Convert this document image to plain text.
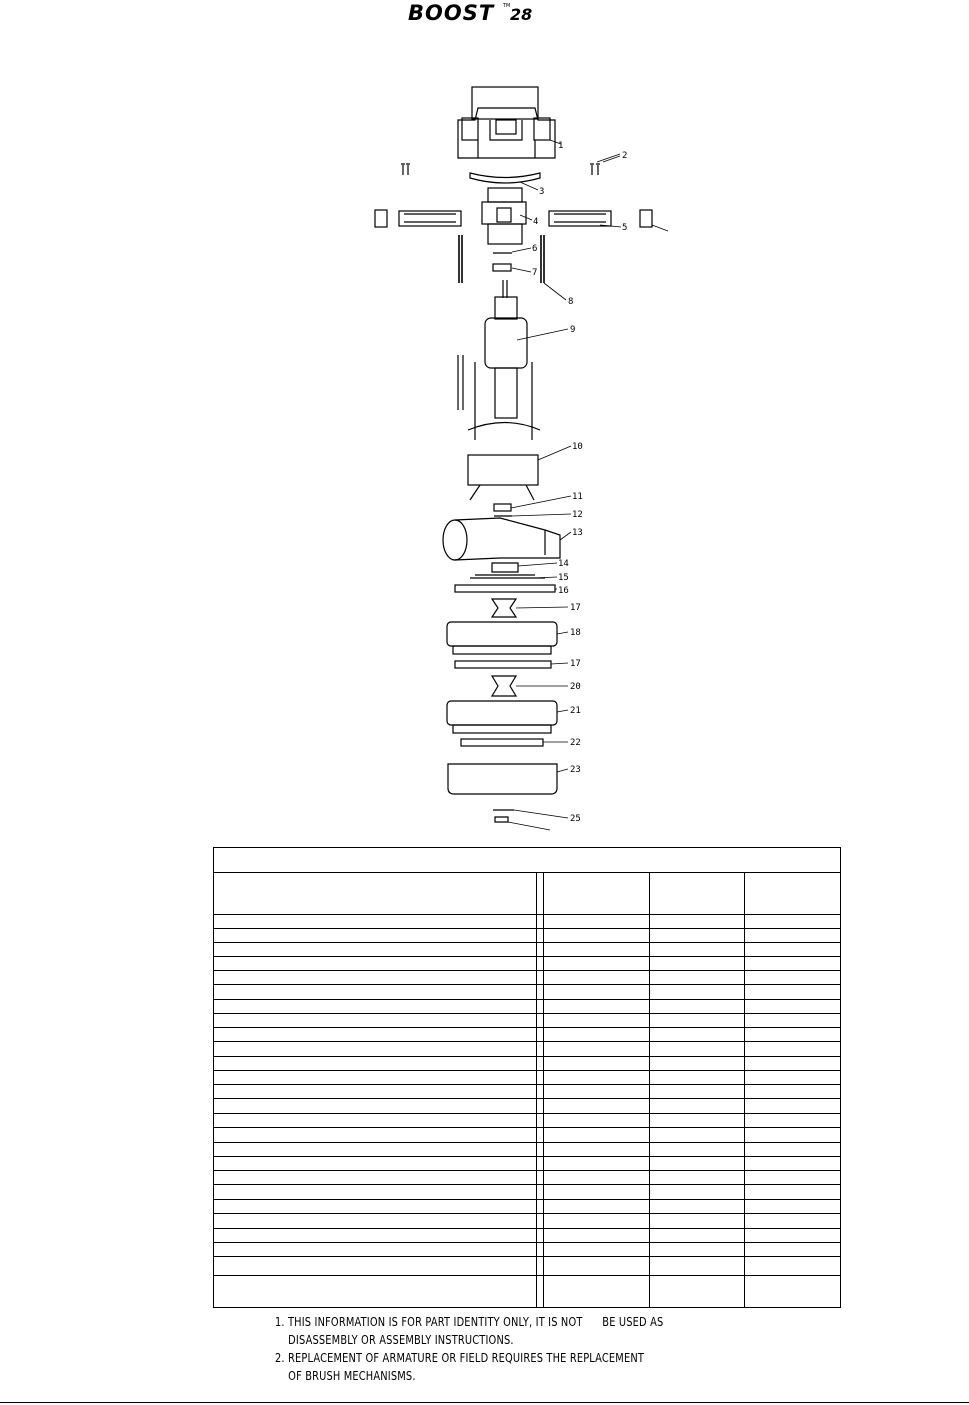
BOOST TM 28
1
2
3
4
5
6
7
8
9
10
11
12
13
14
15
16
17
18
17
20
21
22
23
25
1. THIS INFORMATION IS FOR PART IDENTITY ONLY, IT IS NOT      BE USED AS
DISASSEMBLY OR ASSEMBLY INSTRUCTIONS.
2. REPLACEMENT OF ARMATURE OR FIELD REQUIRES THE REPLACEMENT
OF BRUSH MECHANISMS.
